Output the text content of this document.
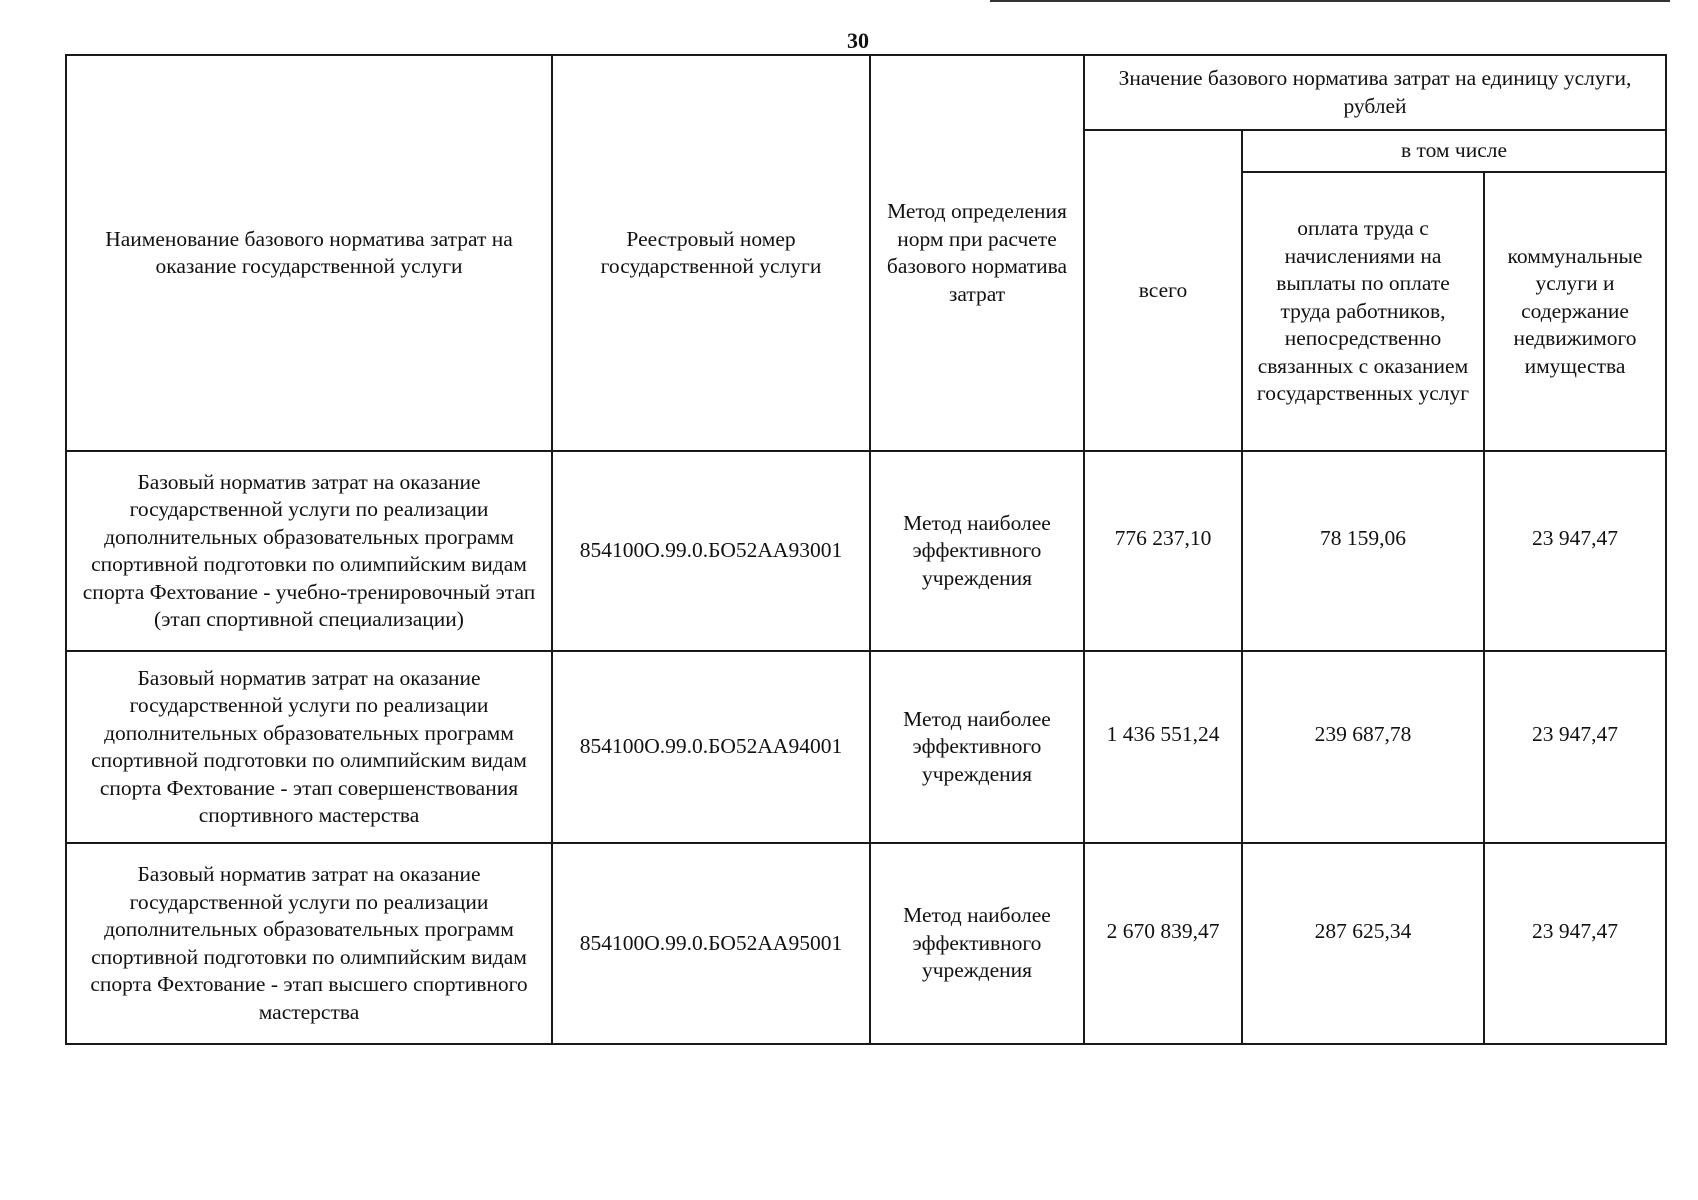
30
Наименование базового норматива затрат на оказание государственной услуги	Реестровый номер государственной услуги	Метод определения норм при расчете базового норматива затрат	Значение базового норматива затрат на единицу услуги, рублей		
			всего	в том числе	
				оплата труда с начислениями на выплаты по оплате труда работников, непосредственно связанных с оказанием государственных услуг	коммунальные услуги и содержание недвижимого имущества
Базовый норматив затрат на оказание государственной услуги по реализации дополнительных образовательных программ спортивной подготовки по олимпийским видам спорта Фехтование - учебно-тренировочный этап (этап спортивной специализации)	854100О.99.0.БО52АА93001	Метод наиболее эффективного учреждения	776 237,10	78 159,06	23 947,47
Базовый норматив затрат на оказание государственной услуги по реализации дополнительных образовательных программ спортивной подготовки по олимпийским видам спорта Фехтование - этап совершенствования спортивного мастерства	854100О.99.0.БО52АА94001	Метод наиболее эффективного учреждения	1 436 551,24	239 687,78	23 947,47
Базовый норматив затрат на оказание государственной услуги по реализации дополнительных образовательных программ спортивной подготовки по олимпийским видам спорта Фехтование - этап высшего спортивного мастерства	854100О.99.0.БО52АА95001	Метод наиболее эффективного учреждения	2 670 839,47	287 625,34	23 947,47
